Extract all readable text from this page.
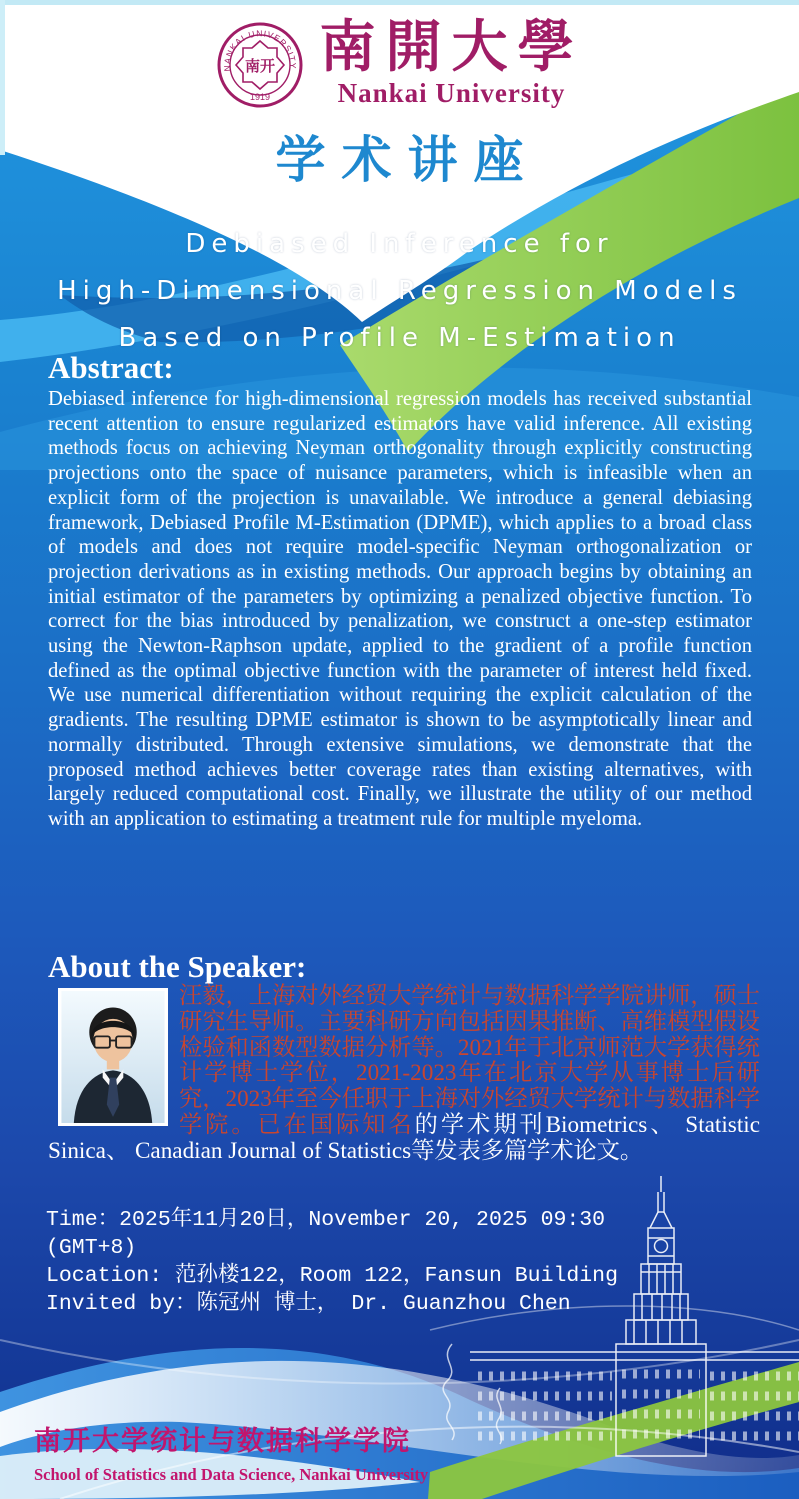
NANKAI UNIVERSITY
南开
1919
南開大學
Nankai University
学术讲座
Debiased Inference for
High-Dimensional Regression Models
Based on Profile M-Estimation
Abstract:
Debiased inference for high-dimensional regression models has received substantial recent attention to ensure regularized estimators have valid inference. All existing methods focus on achieving Neyman orthogonality through explicitly constructing projections onto the space of nuisance parameters, which is infeasible when an explicit form of the projection is unavailable. We introduce a general debiasing framework, Debiased Profile M-Estimation (DPME), which applies to a broad class of models and does not require model-specific Neyman orthogonalization or projection derivations as in existing methods. Our approach begins by obtaining an initial estimator of the parameters by optimizing a penalized objective function. To correct for the bias introduced by penalization, we construct a one-step estimator using the Newton-Raphson update, applied to the gradient of a profile function defined as the optimal objective function with the parameter of interest held fixed. We use numerical differentiation without requiring the explicit calculation of the gradients. The resulting DPME estimator is shown to be asymptotically linear and normally distributed. Through extensive simulations, we demonstrate that the proposed method achieves better coverage rates than existing alternatives, with largely reduced computational cost. Finally, we illustrate the utility of our method with an application to estimating a treatment rule for multiple myeloma.
About the Speaker:
汪毅，上海对外经贸大学统计与数据科学学院讲师，硕士研究生导师。主要科研方向包括因果推断、高维模型假设检验和函数型数据分析等。2021年于北京师范大学获得统计学博士学位，2021-2023年在北京大学从事博士后研究，2023年至今任职于上海对外经贸大学统计与数据科学学院。已在国际知名的学术期刊Biometrics、 Statistic Sinica、 Canadian Journal of Statistics等发表多篇学术论文。
Time：2025年11月20日，November 20, 2025 09:30
(GMT+8)
Location: 范孙楼122，Room 122，Fansun Building
Invited by：陈冠州 博士， Dr. Guanzhou Chen
南开大学统计与数据科学学院
School of Statistics and Data Science, Nankai University
